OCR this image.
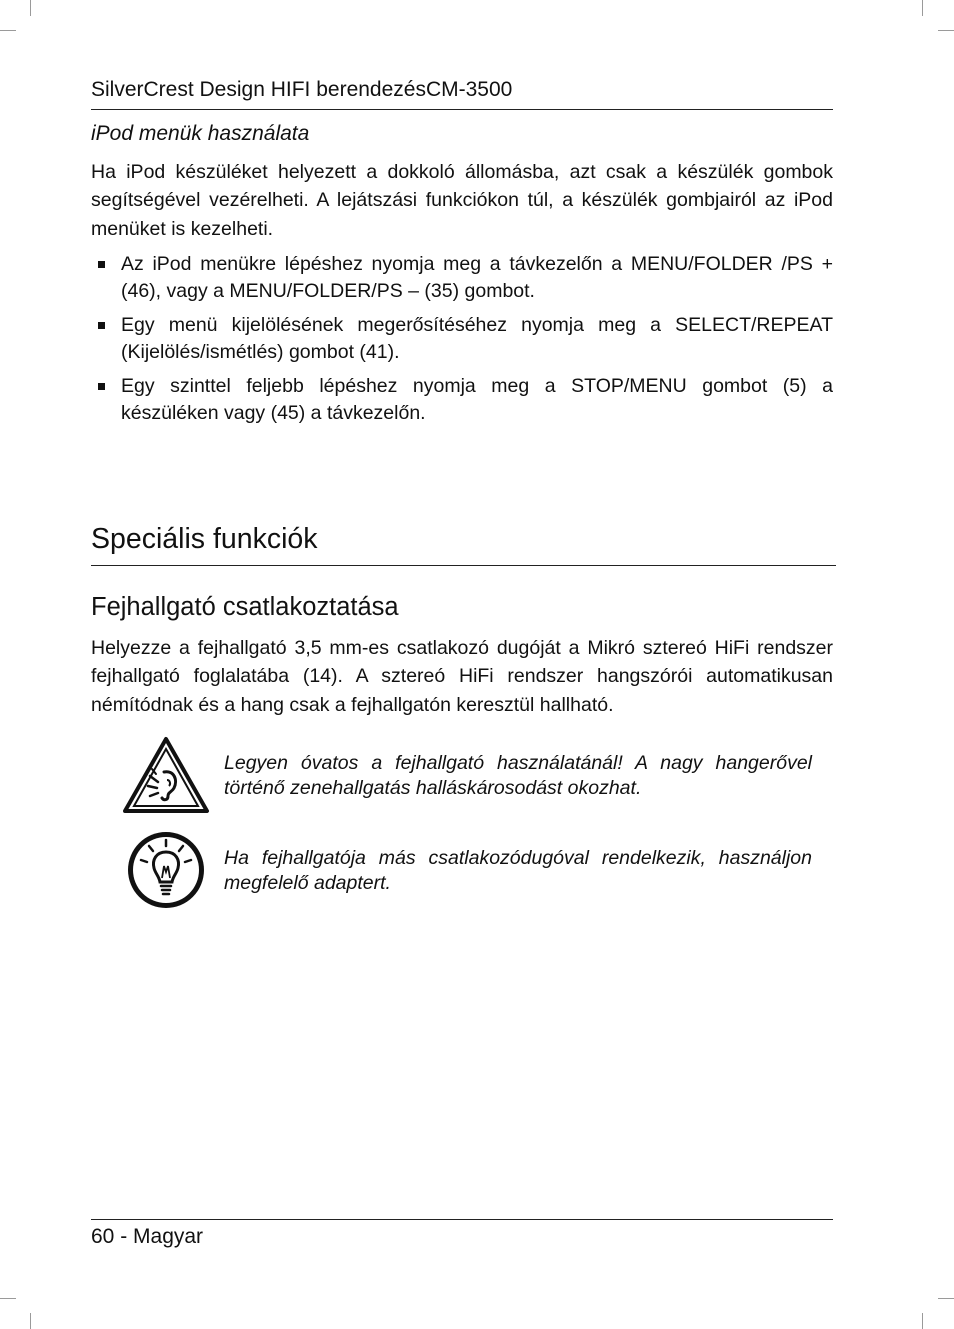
SilverCrest Design HIFI berendezésCM-3500
iPod menük használata

Ha iPod készüléket helyezett a dokkoló állomásba, azt csak a készülék gombok segítségével vezérelheti. A lejátszási funkciókon túl, a készülék gombjairól az iPod menüket is kezelheti.

Az iPod menükre lépéshez nyomja meg a távkezelőn a MENU/FOLDER /PS + (46), vagy a MENU/FOLDER/PS – (35) gombot.
Egy menü kijelölésének megerősítéséhez nyomja meg a SELECT/REPEAT (Kijelölés/ismétlés) gombot (41).
Egy szinttel feljebb lépéshez nyomja meg a STOP/MENU gombot (5) a készüléken vagy (45) a távkezelőn.
Speciális funkciók
Fejhallgató csatlakoztatása

Helyezze a fejhallgató 3,5 mm-es csatlakozó dugóját a Mikró sztereó HiFi rendszer fejhallgató foglalatába (14). A sztereó HiFi rendszer hangszórói automatikusan némítódnak és a hang csak a fejhallgatón keresztül hallható.

Legyen óvatos a fejhallgató használatánál! A nagy hangerővel történő zenehallgatás halláskárosodást okozhat.

Ha fejhallgatója más csatlakozódugóval rendelkezik, használjon megfelelő adaptert.

60 - Magyar
